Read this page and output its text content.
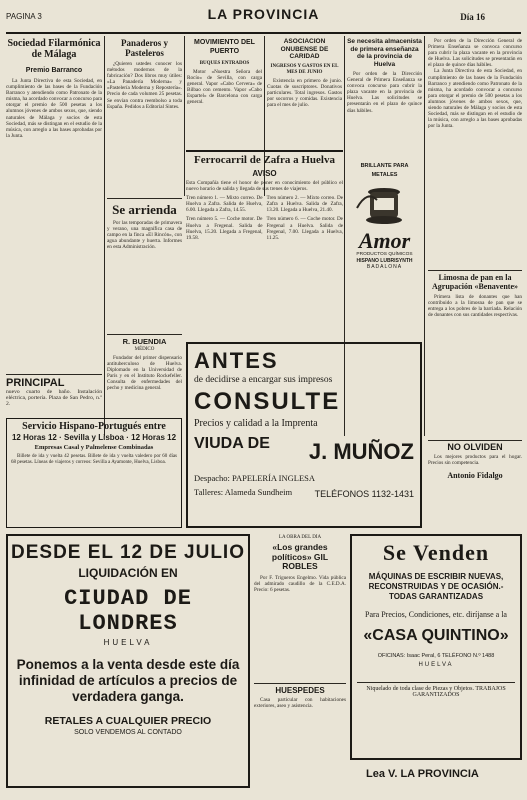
PAGINA 3	LA PROVINCIA	Día 16
Sociedad Filarmónica de Málaga
Premio Barranco

La Junta Directiva de esta Sociedad, en cumplimiento de las bases de la Fundación Barranco y atendiendo como Patronato de la misma, ha acordado convocar a concurso para otorgar el premio de 500 pesetas a los alumnos jóvenes de ambos sexos, que, siendo naturales de Málaga y socios de esta Sociedad, más se distingan en el estudio de la música, con arreglo a las bases aprobadas por la Junta.

PRINCIPAL
nuevo cuarto de baño. Instalación eléctrica, portería. Plaza de San Pedro, n.º 2.
Panaderos y Pasteleros

¿Quieren ustedes conocer los métodos modernos de la fabricación? Dos libros muy útiles: «La Panadería Moderna» y «Pastelería Moderna y Repostería». Precio de cada volumen 25 pesetas. Se envían contra reembolso a toda España. Pedidos a Editorial Sintes.

MOVIMIENTO DEL PUERTO
BUQUES ENTRADOS

Motor «Nuestra Señora del Rocío» de Sevilla, con carga general. Vapor «Cabo Cervera» de Bilbao con cemento. Vapor «Cabo Espartel» de Barcelona con carga general.

ASOCIACIÓN ONUBENSE DE CARIDAD
INGRESOS Y GASTOS EN EL MES DE JUNIO

Existencia en primero de junio. Cuotas de suscriptores. Donativos particulares. Total ingresos. Gastos por socorros y comidas. Existencia para el mes de julio.

Ferrocarril de Zafra a Huelva
AVISO
Esta Compañía tiene el honor de poner en conocimiento del público el nuevo horario de salida y llegada de sus trenes de viajeros.
Tren número 1. — Mixto correo. De Huelva a Zafra. Salida de Huelva, 6.00. Llegada a Zafra, 14.55.
Tren número 2. — Mixto correo. De Zafra a Huelva. Salida de Zafra, 13.20. Llegada a Huelva, 21.40.
Tren número 5. — Coche motor. De Huelva a Fregenal. Salida de Huelva, 15.20. Llegada a Fregenal, 19.58.
Tren número 6. — Coche motor. De Fregenal a Huelva. Salida de Fregenal, 7.00. Llegada a Huelva, 11.25.
Se necesita almacenista de primera enseñanza de la provincia de Huelva

Por orden de la Dirección General de Primera Enseñanza se convoca concurso para cubrir la plaza vacante en la provincia de Huelva. Las solicitudes se presentarán en el plazo de quince días hábiles.

BRILLANTE PARA METALES
Amor
PRODUCTOS QUÍMICOS
HISPANO LUBRISYNTH
BADALONA

Por orden de la Dirección General de Primera Enseñanza se convoca concurso para cubrir la plaza vacante en la provincia de Huelva. Las solicitudes se presentarán en el plazo de quince días hábiles.

La Junta Directiva de esta Sociedad, en cumplimiento de las bases de la Fundación Barranco y atendiendo como Patronato de la misma, ha acordado convocar a concurso para otorgar el premio de 500 pesetas a los alumnos jóvenes de ambos sexos, que, siendo naturales de Málaga y socios de esta Sociedad, más se distingan en el estudio de la música, con arreglo a las bases aprobadas por la Junta.

Limosna de pan en la Agrupación «Benavente»

Primera lista de donantes que han contribuido a la limosna de pan que se entrega a los pobres de la barriada. Relación de donantes con sus cantidades respectivas.

Se arrienda

Por las temporadas de primavera y verano, una magnífica casa de campo en la finca «El Rincón», con agua abundante y huerta. Informes en esta Administración.

R. BUENDIA
MÉDICO

Fundador del primer dispensario antituberculoso de Huelva. Diplomado en la Universidad de París y en el Instituto Rockefeller. Consulta de enfermedades del pecho y medicina general.

ANTES
de decidirse a encargar sus impresos
CONSULTE
Precios y calidad a la Imprenta
VIUDA DE	J. MUÑOZ
Despacho: PAPELERÍA INGLESA
Talleres: Alameda Sundheim	TELÉFONOS 1132-1431
NO OLVIDEN

Los mejores productos para el hogar. Precios sin competencia.

Antonio Fidalgo
Servicio Hispano-Portugués entre
12 Horas 12 · Sevilla y Lisboa · 12 Horas 12
Empresas Casal y Palmelense Combinadas

Billete de ida y vuelta 42 pesetas. Billete de ida y vuelta valedero por 60 días 68 pesetas. Líneas de viajeros y correos: Sevilla a Ayamonte, Huelva, Lisboa.

DESDE EL 12 DE JULIO
LIQUIDACIÓN EN
CIUDAD DE LONDRES
HUELVA
Ponemos a la venta desde este día infinidad de artículos a precios de verdadera ganga.
RETALES A CUALQUIER PRECIO
SOLO VENDEMOS AL CONTADO
LA OBRA DEL DÍA
«Los grandes políticos» GIL ROBLES

Por F. Trigueros Engelmo. Vida pública del admirado caudillo de la C.E.D.A. Precio: 6 pesetas.

HUESPEDES

Casa particular con habitaciones exteriores, aseo y asistencia.

Se Venden
MÁQUINAS DE ESCRIBIR NUEVAS, RECONSTRUIDAS Y DE OCASIÓN.-TODAS GARANTIZADAS
Para Precios, Condiciones, etc. diríjanse a la
«CASA QUINTINO»
OFICINAS: Isaac Peral, 6 TELÉFONO N.º 1488
HUELVA
Niquelado de toda clase de Piezas y Objetos. TRABAJOS GARANTIZADOS
Lea V. LA PROVINCIA
